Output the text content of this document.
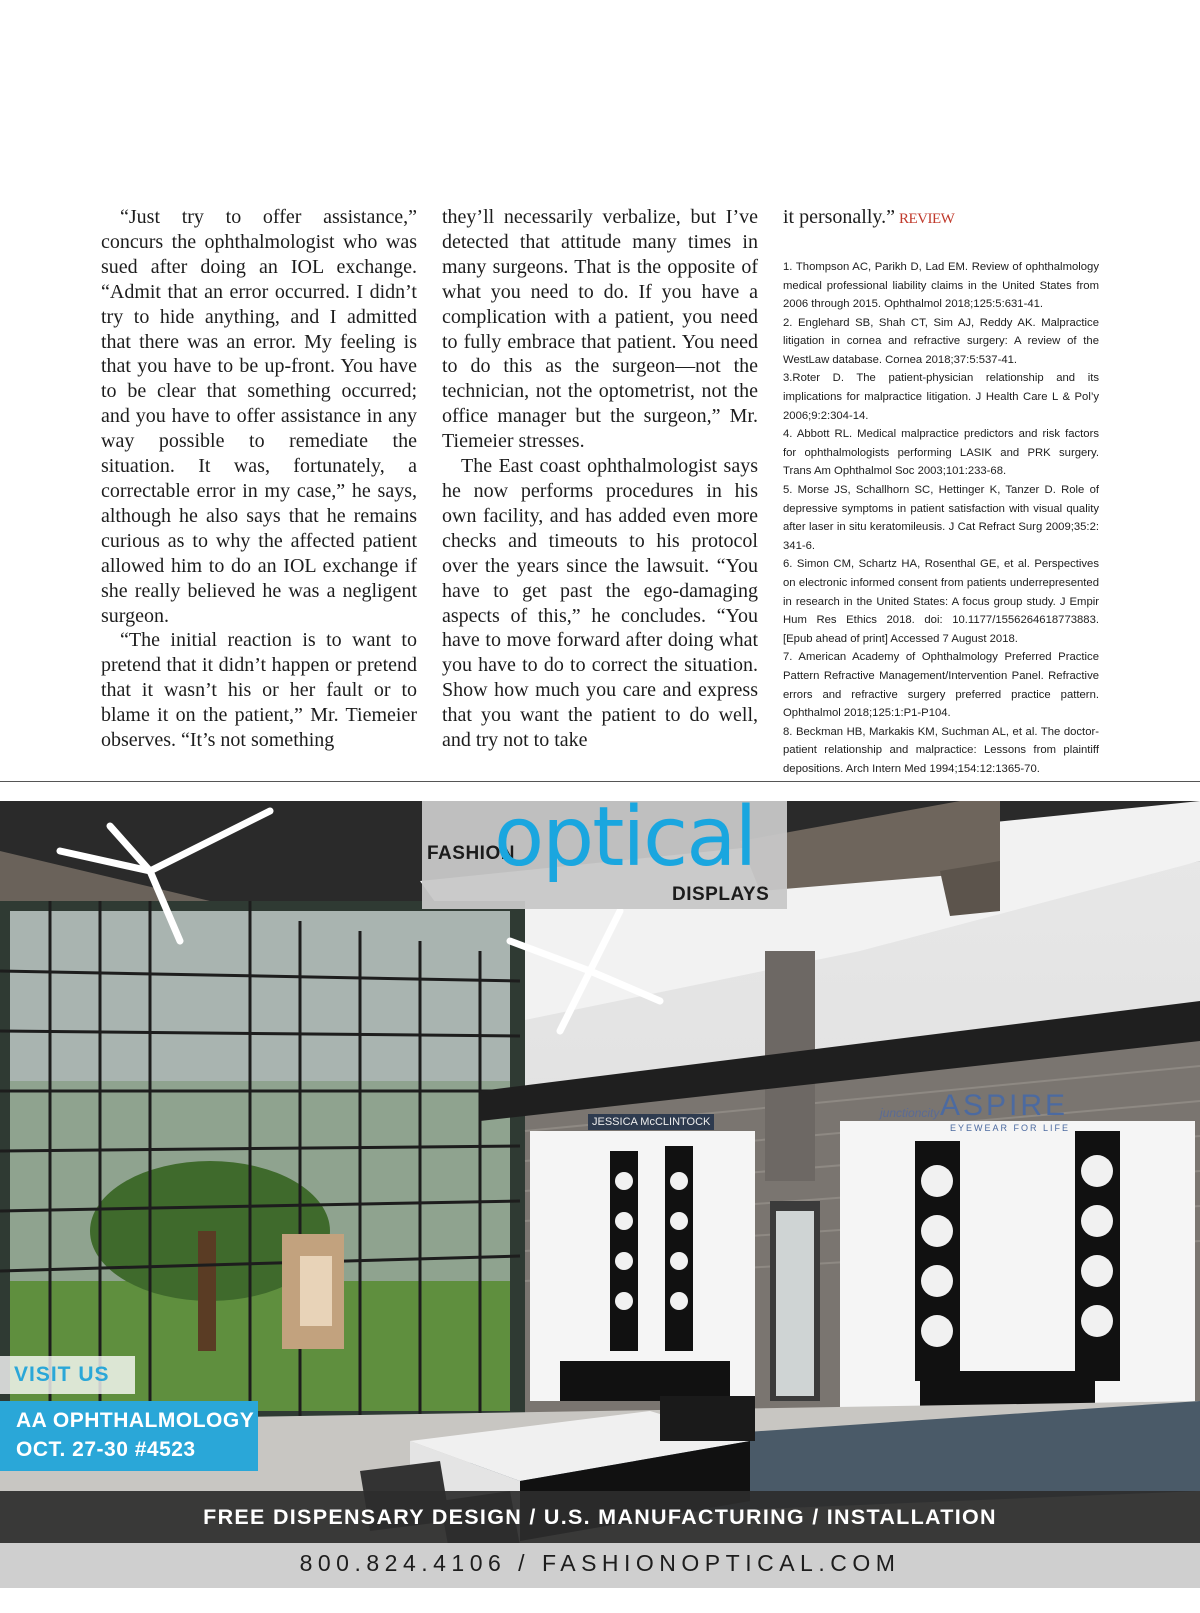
“Just try to offer assistance,” concurs the ophthalmologist who was sued after doing an IOL exchange. “Admit that an error occurred. I didn’t try to hide anything, and I admitted that there was an error. My feeling is that you have to be up-front. You have to be clear that something occurred; and you have to offer assistance in any way possible to remediate the situation. It was, fortunately, a correctable error in my case,” he says, although he also says that he remains curious as to why the affected patient allowed him to do an IOL exchange if she really believed he was a negligent surgeon.

“The initial reaction is to want to pretend that it didn’t happen or pretend that it wasn’t his or her fault or to blame it on the patient,” Mr. Tiemeier observes. “It’s not something

they’ll necessarily verbalize, but I’ve detected that attitude many times in many surgeons. That is the opposite of what you need to do. If you have a complication with a patient, you need to fully embrace that patient. You need to do this as the surgeon—not the technician, not the optometrist, not the office manager but the surgeon,” Mr. Tiemeier stresses.

The East coast ophthalmologist says he now performs procedures in his own facility, and has added even more checks and timeouts to his protocol over the years since the lawsuit. “You have to get past the ego-damaging aspects of this,” he concludes. “You have to move forward after doing what you have to do to correct the situation. Show how much you care and express that you want the patient to do well, and try not to take

it personally.” REVIEW

1. Thompson AC, Parikh D, Lad EM. Review of ophthalmology medical professional liability claims in the United States from 2006 through 2015. Ophthalmol 2018;125:5:631-41.
2. Englehard SB, Shah CT, Sim AJ, Reddy AK. Malpractice litigation in cornea and refractive surgery: A review of the WestLaw database. Cornea 2018;37:5:537-41.
3.Roter D. The patient-physician relationship and its implications for malpractice litigation. J Health Care L & Pol’y 2006;9:2:304-14.
4. Abbott RL. Medical malpractice predictors and risk factors for ophthalmologists performing LASIK and PRK surgery. Trans Am Ophthalmol Soc 2003;101:233-68.
5. Morse JS, Schallhorn SC, Hettinger K, Tanzer D. Role of depressive symptoms in patient satisfaction with visual quality after laser in situ keratomileusis. J Cat Refract Surg 2009;35:2: 341-6.
6. Simon CM, Schartz HA, Rosenthal GE, et al. Perspectives on electronic informed consent from patients underrepresented in research in the United States: A focus group study. J Empir Hum Res Ethics 2018. doi: 10.1177/1556264618773883. [Epub ahead of print] Accessed 7 August 2018.
7. American Academy of Ophthalmology Preferred Practice Pattern Refractive Management/Intervention Panel. Refractive errors and refractive surgery preferred practice pattern. Ophthalmol 2018;125:1:P1-P104.
8. Beckman HB, Markakis KM, Suchman AL, et al. The doctor-patient relationship and malpractice: Lessons from plaintiff depositions. Arch Intern Med 1994;154:12:1365-70.
JESSICA McCLINTOCK
junctioncity ASPIRE
EYEWEAR FOR LIFE
FASHION
optical
DISPLAYS
VISIT US
AA OPHTHALMOLOGY
OCT. 27-30 #4523
FREE DISPENSARY DESIGN / U.S. MANUFACTURING / INSTALLATION
800.824.4106 / FASHIONOPTICAL.COM
